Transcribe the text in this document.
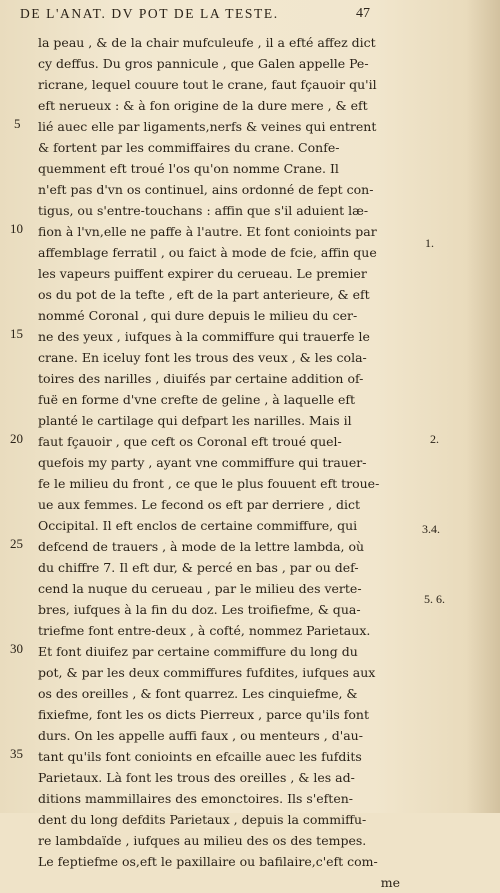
DE L'ANAT. DV POT DE LA TESTE.	47
la peau , & de la chair mufculeufe , il a efté affez dict
cy deffus. Du gros pannicule , que Galen appelle Pe-
ricrane, lequel couure tout le crane, faut fçauoir qu'il
eft nerueux : & à fon origine de la dure mere , & eft
lié auec elle par ligaments,nerfs & veines qui entrent
& fortent par les commiffaires du crane. Confe-
quemment eft troué l'os qu'on nomme Crane. Il
n'eft pas d'vn os continuel, ains ordonné de fept con-
tigus, ou s'entre-touchans : affin que s'il aduient læ-
fion à l'vn,elle ne paffe à l'autre. Et font conioints par
affemblage ferratil , ou faict à mode de fcie, affin que
les vapeurs puiffent expirer du cerueau. Le premier
os du pot de la tefte , eft de la part anterieure, & eft
nommé Coronal , qui dure depuis le milieu du cer-
ne des yeux , iufques à la commiffure qui trauerfe le
crane. En iceluy font les trous des veux , & les cola-
toires des narilles , diuifés par certaine addition of-
fuë en forme d'vne crefte de geline , à laquelle eft
planté le cartilage qui defpart les narilles. Mais il
faut fçauoir , que ceft os Coronal eft troué quel-
quefois my party , ayant vne commiffure qui trauer-
fe le milieu du front , ce que le plus fouuent eft troue-
ue aux femmes. Le fecond os eft par derriere , dict
Occipital. Il eft enclos de certaine commiffure, qui
defcend de trauers , à mode de la lettre lambda, où
du chiffre 7. Il eft dur, & percé en bas , par ou def-
cend la nuque du cerueau , par le milieu des verte-
bres, iufques à la fin du doz. Les troifiefme, & qua-
triefme font entre-deux , à cofté, nommez Parietaux.
Et font diuifez par certaine commiffure du long du
pot, & par les deux commiffures fufdites, iufques aux
os des oreilles , & font quarrez. Les cinquiefme, &
fixiefme, font les os dicts Pierreux , parce qu'ils font
durs. On les appelle auffi faux , ou menteurs , d'au-
tant qu'ils font conioints en efcaille auec les fufdits
Parietaux. Là font les trous des oreilles , & les ad-
ditions mammillaires des emonctoires. Ils s'eften-
dent du long defdits Parietaux , depuis la commiffu-
re lambdaïde , iufques au milieu des os des tempes.
Le feptiefme os,eft le paxillaire ou bafilaire,c'eft com-
me
5
10
15
20
25
30
35
1.
2.
3.4.
5. 6.
